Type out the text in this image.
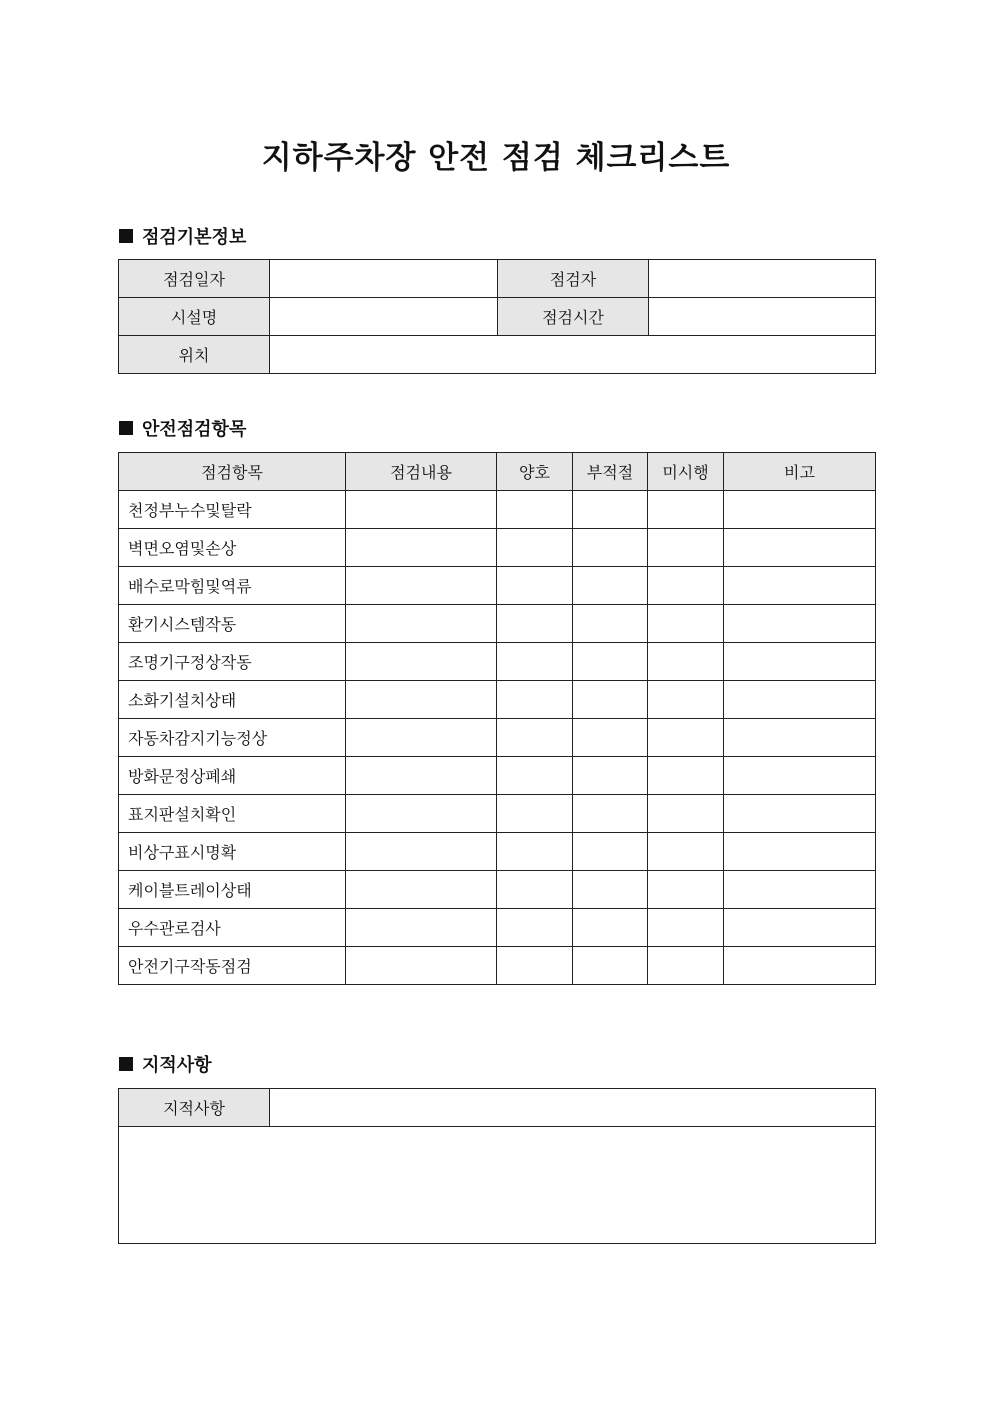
지하주차장 안전 점검 체크리스트
점검기본정보
점검일자		점검자	
시설명		점검시간	
위치			
안전점검항목
점검항목	점검내용	양호	부적절	미시행	비고
천정부누수및탈락					
벽면오염및손상					
배수로막힘및역류					
환기시스템작동					
조명기구정상작동					
소화기설치상태					
자동차감지기능정상					
방화문정상폐쇄					
표지판설치확인					
비상구표시명확					
케이블트레이상태					
우수관로검사					
안전기구작동점검					
지적사항
지적사항	
